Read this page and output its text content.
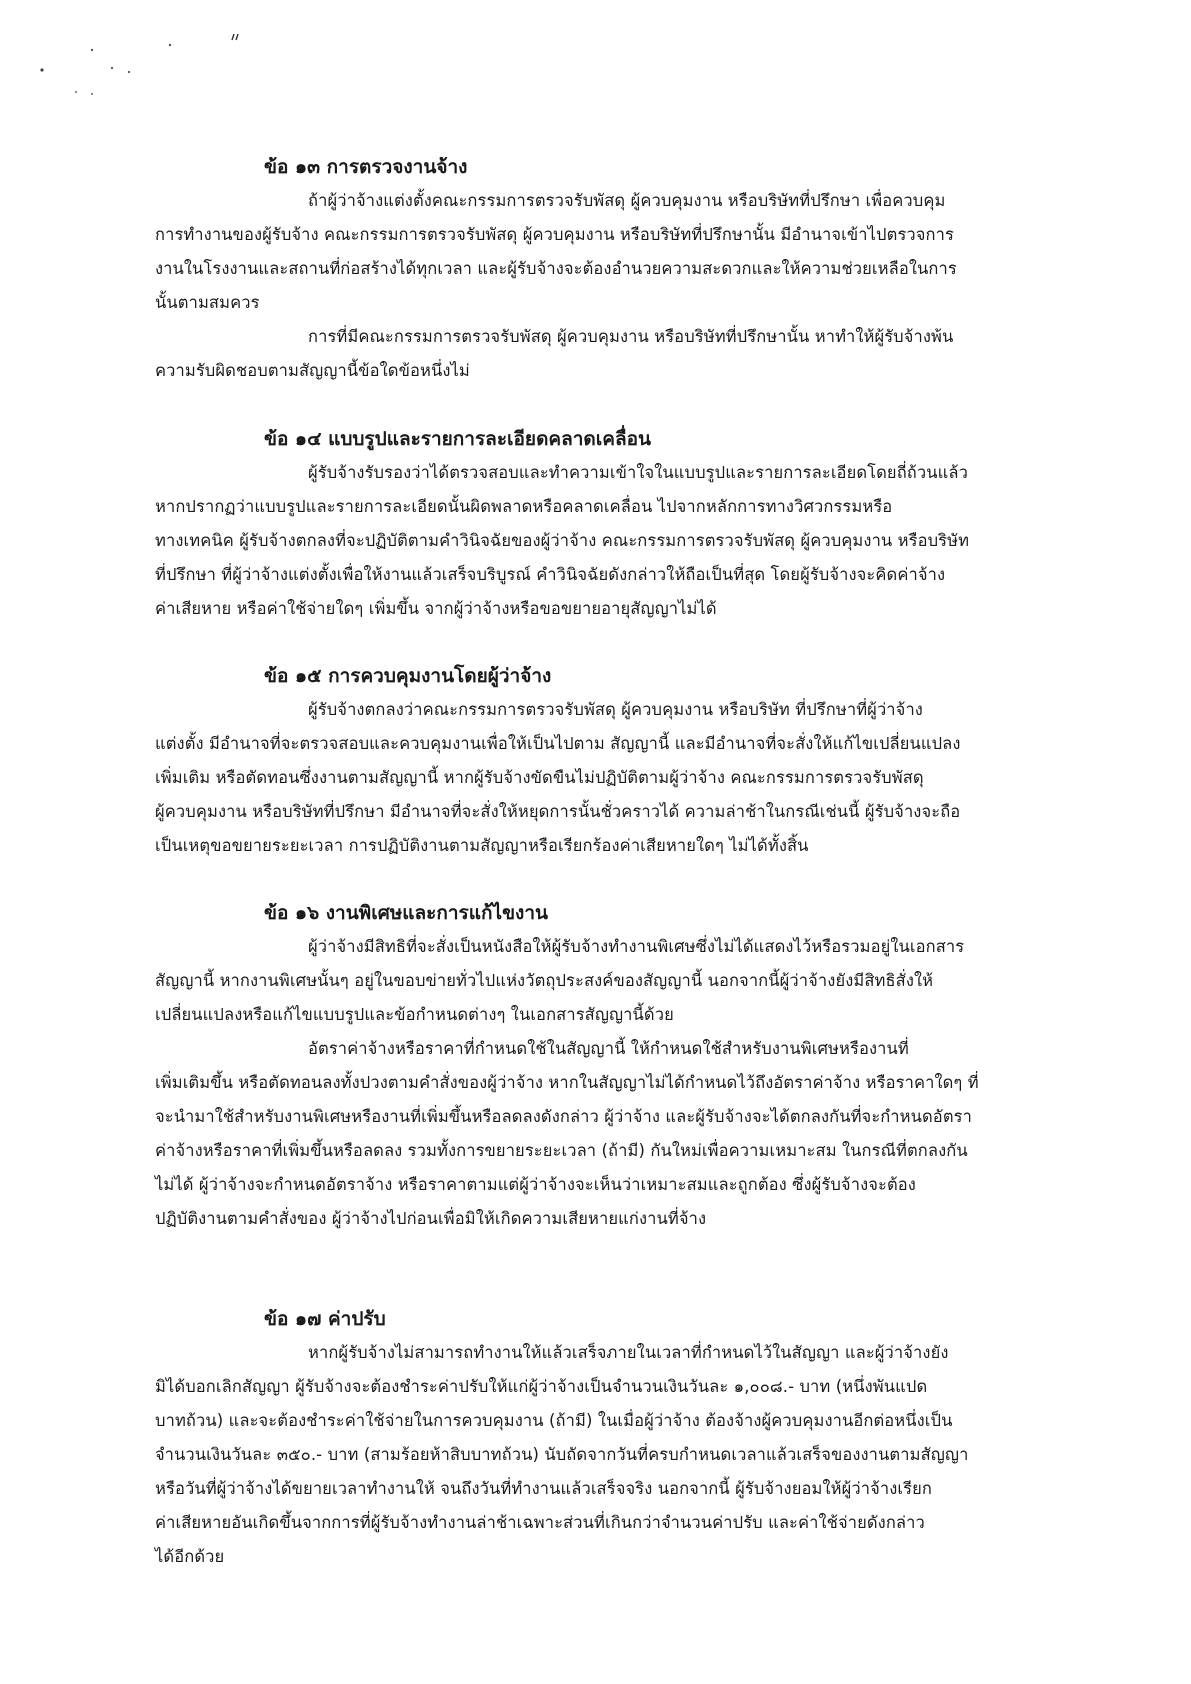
ข้อ ๑๓ การตรวจงานจ้าง

ถ้าผู้ว่าจ้างแต่งตั้งคณะกรรมการตรวจรับพัสดุ ผู้ควบคุมงาน หรือบริษัทที่ปรึกษา เพื่อควบคุม

การทำงานของผู้รับจ้าง คณะกรรมการตรวจรับพัสดุ ผู้ควบคุมงาน หรือบริษัทที่ปรึกษานั้น มีอำนาจเข้าไปตรวจการ

งานในโรงงานและสถานที่ก่อสร้างได้ทุกเวลา และผู้รับจ้างจะต้องอำนวยความสะดวกและให้ความช่วยเหลือในการ

นั้นตามสมควร

การที่มีคณะกรรมการตรวจรับพัสดุ ผู้ควบคุมงาน หรือบริษัทที่ปรึกษานั้น หาทำให้ผู้รับจ้างพ้น

ความรับผิดชอบตามสัญญานี้ข้อใดข้อหนึ่งไม่

ข้อ ๑๔ แบบรูปและรายการละเอียดคลาดเคลื่อน

ผู้รับจ้างรับรองว่าได้ตรวจสอบและทำความเข้าใจในแบบรูปและรายการละเอียดโดยถี่ถ้วนแล้ว

หากปรากฏว่าแบบรูปและรายการละเอียดนั้นผิดพลาดหรือคลาดเคลื่อน ไปจากหลักการทางวิศวกรรมหรือ

ทางเทคนิค ผู้รับจ้างตกลงที่จะปฏิบัติตามคำวินิจฉัยของผู้ว่าจ้าง คณะกรรมการตรวจรับพัสดุ ผู้ควบคุมงาน หรือบริษัท

ที่ปรึกษา ที่ผู้ว่าจ้างแต่งตั้งเพื่อให้งานแล้วเสร็จบริบูรณ์ คำวินิจฉัยดังกล่าวให้ถือเป็นที่สุด โดยผู้รับจ้างจะคิดค่าจ้าง

ค่าเสียหาย หรือค่าใช้จ่ายใดๆ เพิ่มขึ้น จากผู้ว่าจ้างหรือขอขยายอายุสัญญาไม่ได้

ข้อ ๑๕ การควบคุมงานโดยผู้ว่าจ้าง

ผู้รับจ้างตกลงว่าคณะกรรมการตรวจรับพัสดุ ผู้ควบคุมงาน หรือบริษัท ที่ปรึกษาที่ผู้ว่าจ้าง

แต่งตั้ง มีอำนาจที่จะตรวจสอบและควบคุมงานเพื่อให้เป็นไปตาม สัญญานี้ และมีอำนาจที่จะสั่งให้แก้ไขเปลี่ยนแปลง

เพิ่มเติม หรือตัดทอนซึ่งงานตามสัญญานี้ หากผู้รับจ้างขัดขืนไม่ปฏิบัติตามผู้ว่าจ้าง คณะกรรมการตรวจรับพัสดุ

ผู้ควบคุมงาน หรือบริษัทที่ปรึกษา มีอำนาจที่จะสั่งให้หยุดการนั้นชั่วคราวได้ ความล่าช้าในกรณีเช่นนี้ ผู้รับจ้างจะถือ

เป็นเหตุขอขยายระยะเวลา การปฏิบัติงานตามสัญญาหรือเรียกร้องค่าเสียหายใดๆ ไม่ได้ทั้งสิ้น

ข้อ ๑๖ งานพิเศษและการแก้ไขงาน

ผู้ว่าจ้างมีสิทธิที่จะสั่งเป็นหนังสือให้ผู้รับจ้างทำงานพิเศษซึ่งไม่ได้แสดงไว้หรือรวมอยู่ในเอกสาร

สัญญานี้ หากงานพิเศษนั้นๆ อยู่ในขอบข่ายทั่วไปแห่งวัตถุประสงค์ของสัญญานี้ นอกจากนี้ผู้ว่าจ้างยังมีสิทธิสั่งให้

เปลี่ยนแปลงหรือแก้ไขแบบรูปและข้อกำหนดต่างๆ ในเอกสารสัญญานี้ด้วย

อัตราค่าจ้างหรือราคาที่กำหนดใช้ในสัญญานี้ ให้กำหนดใช้สำหรับงานพิเศษหรืองานที่

เพิ่มเติมขึ้น หรือตัดทอนลงทั้งปวงตามคำสั่งของผู้ว่าจ้าง หากในสัญญาไม่ได้กำหนดไว้ถึงอัตราค่าจ้าง หรือราคาใดๆ ที่

จะนำมาใช้สำหรับงานพิเศษหรืองานที่เพิ่มขึ้นหรือลดลงดังกล่าว ผู้ว่าจ้าง และผู้รับจ้างจะได้ตกลงกันที่จะกำหนดอัตรา

ค่าจ้างหรือราคาที่เพิ่มขึ้นหรือลดลง รวมทั้งการขยายระยะเวลา (ถ้ามี) กันใหม่เพื่อความเหมาะสม ในกรณีที่ตกลงกัน

ไม่ได้ ผู้ว่าจ้างจะกำหนดอัตราจ้าง หรือราคาตามแต่ผู้ว่าจ้างจะเห็นว่าเหมาะสมและถูกต้อง ซึ่งผู้รับจ้างจะต้อง

ปฏิบัติงานตามคำสั่งของ ผู้ว่าจ้างไปก่อนเพื่อมิให้เกิดความเสียหายแก่งานที่จ้าง

ข้อ ๑๗ ค่าปรับ

หากผู้รับจ้างไม่สามารถทำงานให้แล้วเสร็จภายในเวลาที่กำหนดไว้ในสัญญา และผู้ว่าจ้างยัง

มิได้บอกเลิกสัญญา ผู้รับจ้างจะต้องชำระค่าปรับให้แก่ผู้ว่าจ้างเป็นจำนวนเงินวันละ ๑,๐๐๘.- บาท (หนึ่งพันแปด

บาทถ้วน) และจะต้องชำระค่าใช้จ่ายในการควบคุมงาน (ถ้ามี) ในเมื่อผู้ว่าจ้าง ต้องจ้างผู้ควบคุมงานอีกต่อหนึ่งเป็น

จำนวนเงินวันละ ๓๕๐.- บาท (สามร้อยห้าสิบบาทถ้วน) นับถัดจากวันที่ครบกำหนดเวลาแล้วเสร็จของงานตามสัญญา

หรือวันที่ผู้ว่าจ้างได้ขยายเวลาทำงานให้ จนถึงวันที่ทำงานแล้วเสร็จจริง นอกจากนี้ ผู้รับจ้างยอมให้ผู้ว่าจ้างเรียก

ค่าเสียหายอันเกิดขึ้นจากการที่ผู้รับจ้างทำงานล่าช้าเฉพาะส่วนที่เกินกว่าจำนวนค่าปรับ และค่าใช้จ่ายดังกล่าว

ได้อีกด้วย
